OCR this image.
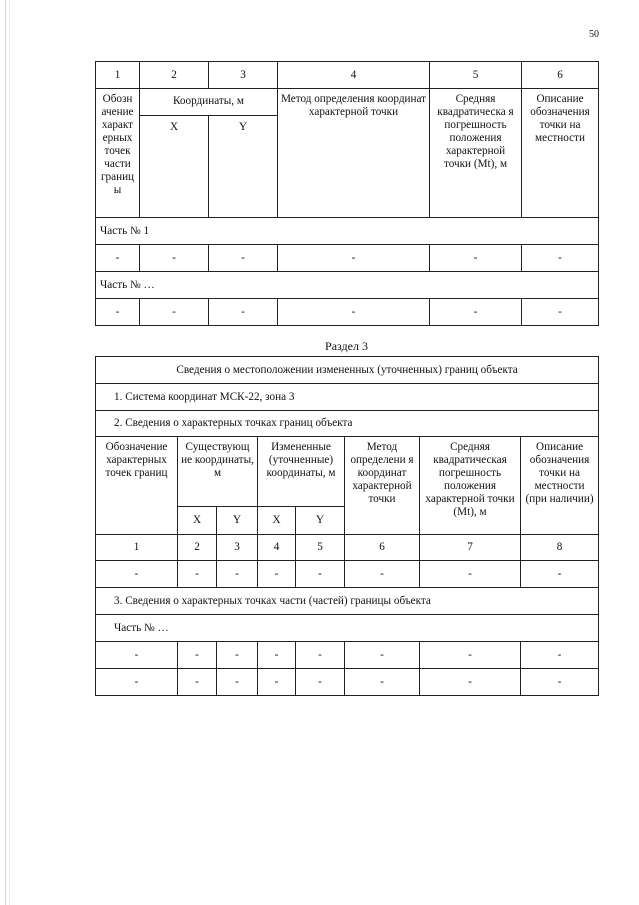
50
1	2	3	4	5	6
Обозн ачение характ ерных точек части границ ы	Координаты, м		Метод определения координат характерной точки	Средняя квадратическа я погрешность положения характерной точки (Mt), м	Описание обозначения точки на местности
	X	Y			
Часть № 1					
-	-	-	-	-	-
Часть № …					
-	-	-	-	-	-
Раздел 3
Сведения о местоположении измененных (уточненных) границ объекта							
1. Система координат МСК-22, зона 3							
2. Сведения о характерных точках границ объекта							
Обозначение характерных точек границ	Существующ ие координаты, м		Измененные (уточненные) координаты, м		Метод определени я координат характерной точки	Средняя квадратическая погрешность положения характерной точки (Mt), м	Описание обозначения точки на местности (при наличии)
	X	Y	X	Y			
1	2	3	4	5	6	7	8
-	-	-	-	-	-	-	-
3. Сведения о характерных точках части (частей) границы объекта							
Часть № …							
-	-	-	-	-	-	-	-
-	-	-	-	-	-	-	-
